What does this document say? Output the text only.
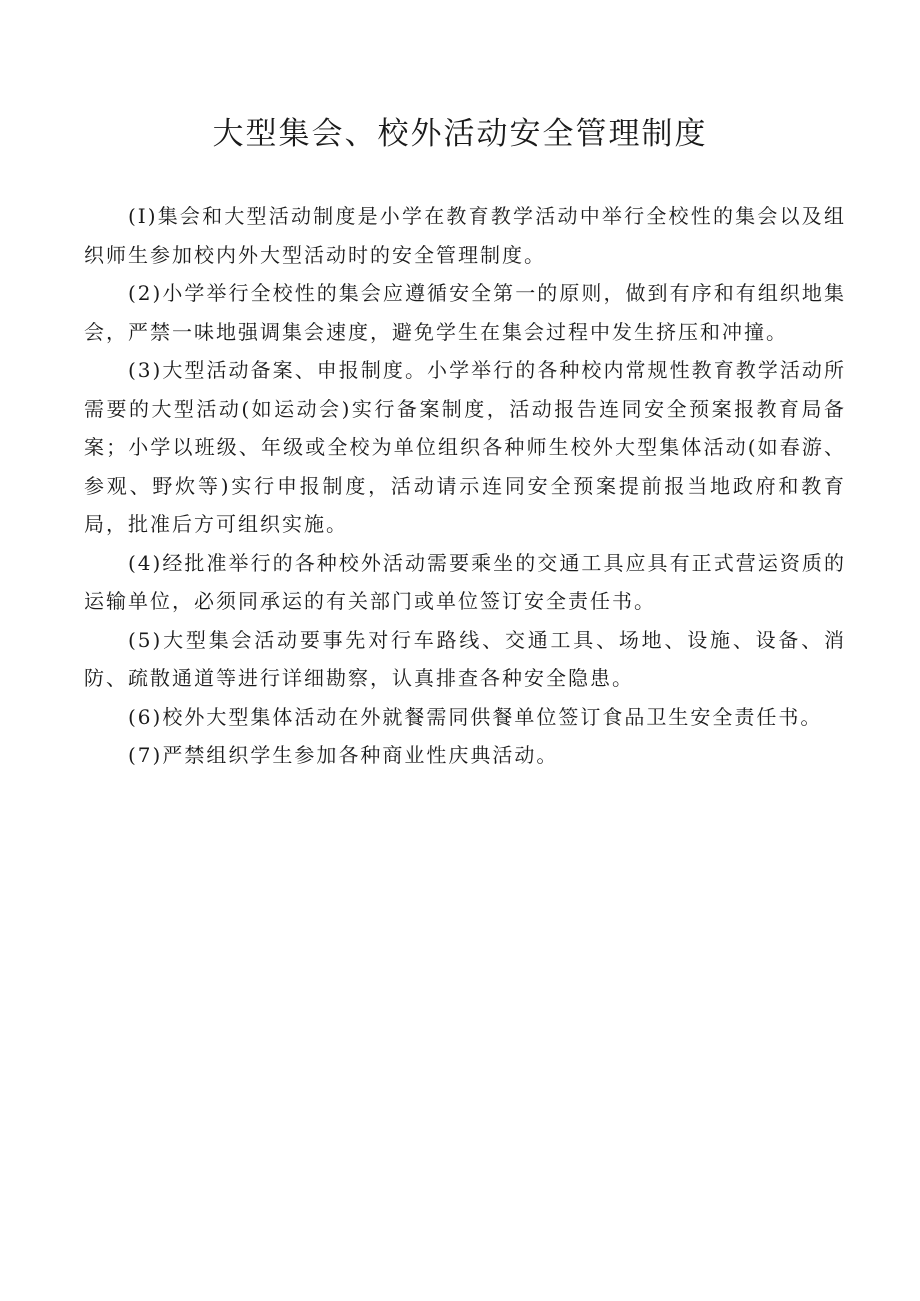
大型集会、校外活动安全管理制度

(I)集会和大型活动制度是小学在教育教学活动中举行全校性的集会以及组织师生参加校内外大型活动时的安全管理制度。

(2)小学举行全校性的集会应遵循安全第一的原则，做到有序和有组织地集会，严禁一味地强调集会速度，避免学生在集会过程中发生挤压和冲撞。

(3)大型活动备案、申报制度。小学举行的各种校内常规性教育教学活动所需要的大型活动(如运动会)实行备案制度，活动报告连同安全预案报教育局备案；小学以班级、年级或全校为单位组织各种师生校外大型集体活动(如春游、参观、野炊等)实行申报制度，活动请示连同安全预案提前报当地政府和教育局，批准后方可组织实施。

(4)经批准举行的各种校外活动需要乘坐的交通工具应具有正式营运资质的运输单位，必须同承运的有关部门或单位签订安全责任书。

(5)大型集会活动要事先对行车路线、交通工具、场地、设施、设备、消防、疏散通道等进行详细勘察，认真排查各种安全隐患。

(6)校外大型集体活动在外就餐需同供餐单位签订食品卫生安全责任书。

(7)严禁组织学生参加各种商业性庆典活动。
